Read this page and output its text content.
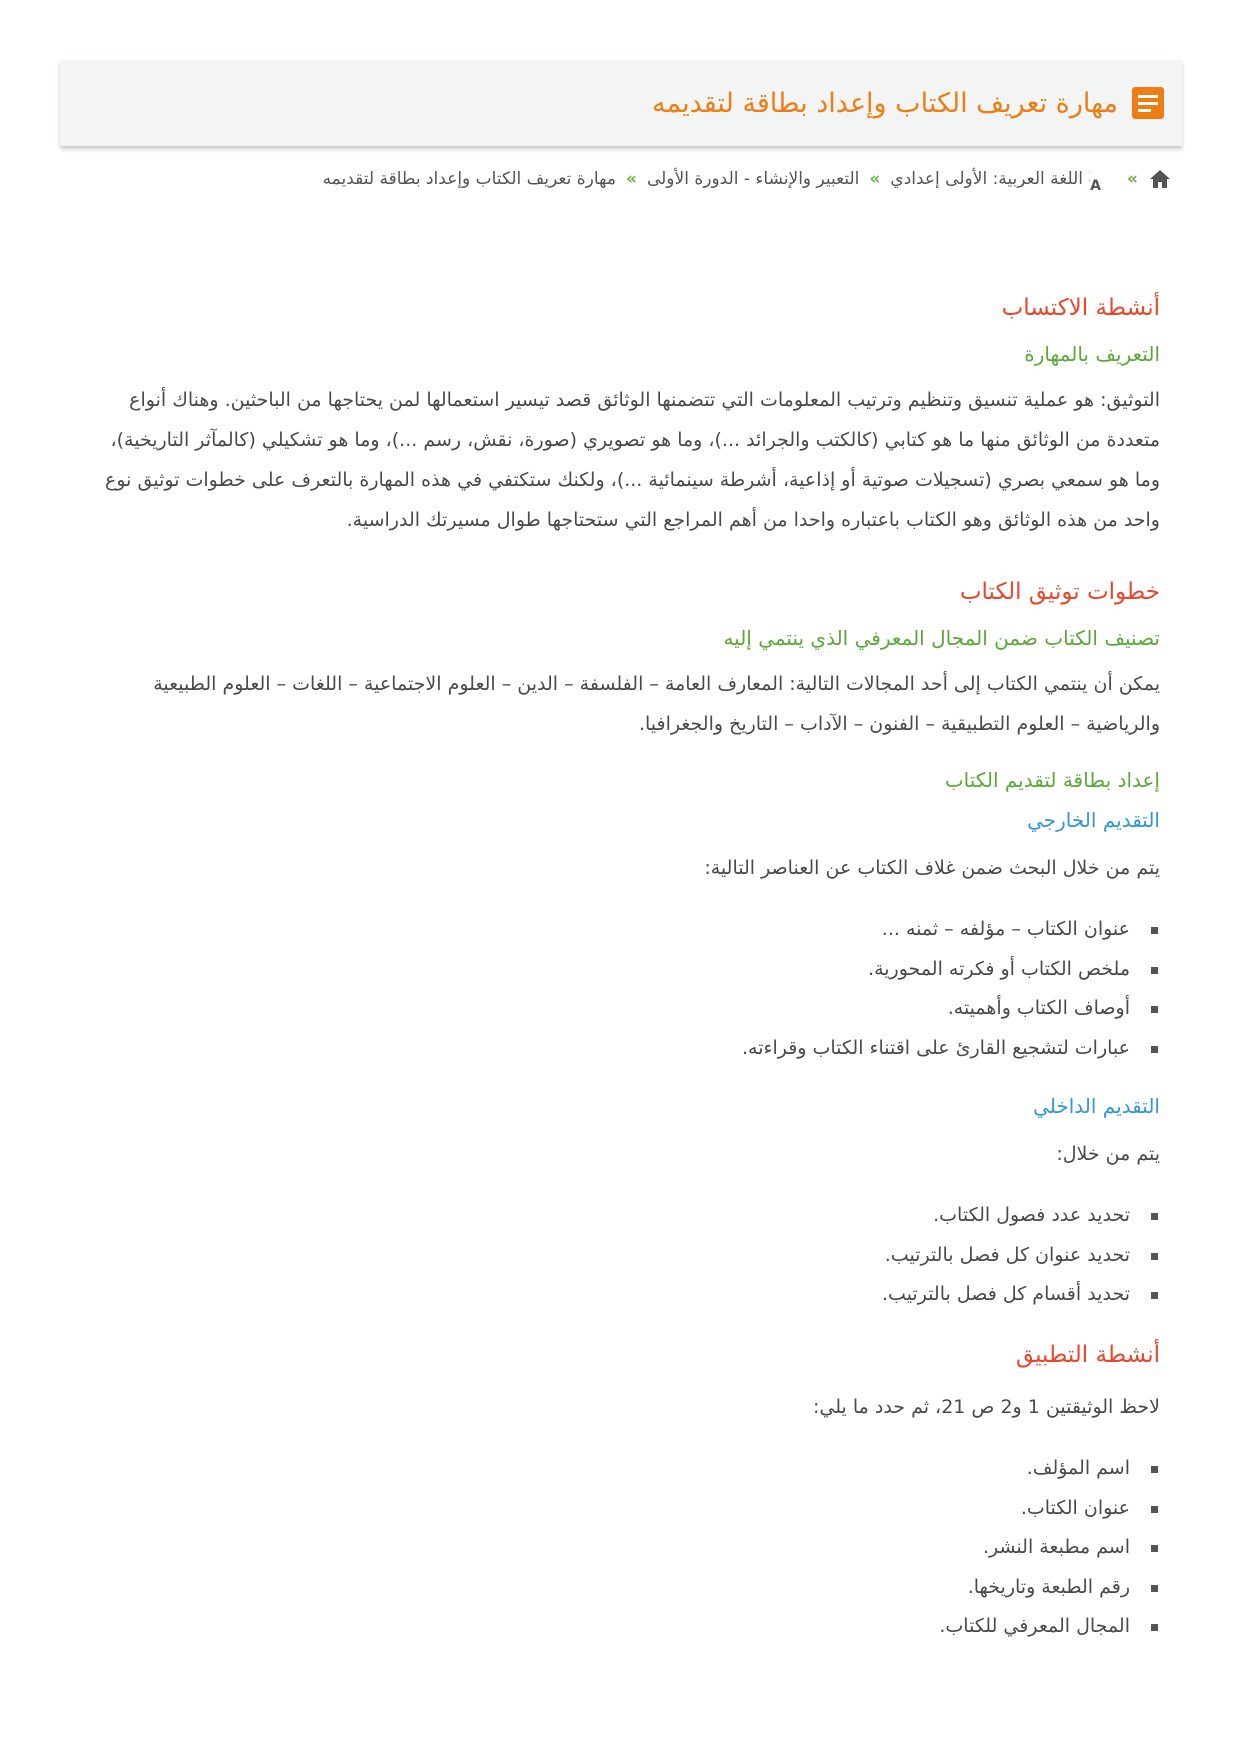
مهارة تعريف الكتاب وإعداد بطاقة لتقديمه
»
A
اللغة العربية: الأولى إعدادي
»
التعبير والإنشاء - الدورة الأولى
»
مهارة تعريف الكتاب وإعداد بطاقة لتقديمه
أنشطة الاكتساب
التعريف بالمهارة

التوثيق: هو عملية تنسيق وتنظيم وترتيب المعلومات التي تتضمنها الوثائق قصد تيسير استعمالها لمن يحتاجها من الباحثين. وهناك أنواع متعددة من الوثائق منها ما هو كتابي (كالكتب والجرائد ...)، وما هو تصويري (صورة، نقش، رسم ...)، وما هو تشكيلي (كالمآثر التاريخية)، وما هو سمعي بصري (تسجيلات صوتية أو إذاعية، أشرطة سينمائية ...)، ولكنك ستكتفي في هذه المهارة بالتعرف على خطوات توثيق نوع واحد من هذه الوثائق وهو الكتاب باعتباره واحدا من أهم المراجع التي ستحتاجها طوال مسيرتك الدراسية.

خطوات توثيق الكتاب
تصنيف الكتاب ضمن المجال المعرفي الذي ينتمي إليه

يمكن أن ينتمي الكتاب إلى أحد المجالات التالية: المعارف العامة – الفلسفة – الدين – العلوم الاجتماعية – اللغات – العلوم الطبيعية والرياضية – العلوم التطبيقية – الفنون – الآداب – التاريخ والجغرافيا.

إعداد بطاقة لتقديم الكتاب
التقديم الخارجي

يتم من خلال البحث ضمن غلاف الكتاب عن العناصر التالية:

عنوان الكتاب – مؤلفه – ثمنه ...
ملخص الكتاب أو فكرته المحورية.
أوصاف الكتاب وأهميته.
عبارات لتشجيع القارئ على اقتناء الكتاب وقراءته.
التقديم الداخلي

يتم من خلال:

تحديد عدد فصول الكتاب.
تحديد عنوان كل فصل بالترتيب.
تحديد أقسام كل فصل بالترتيب.
أنشطة التطبيق

لاحظ الوثيقتين 1 و2 ص 21، ثم حدد ما يلي:

اسم المؤلف.
عنوان الكتاب.
اسم مطبعة النشر.
رقم الطبعة وتاريخها.
المجال المعرفي للكتاب.
